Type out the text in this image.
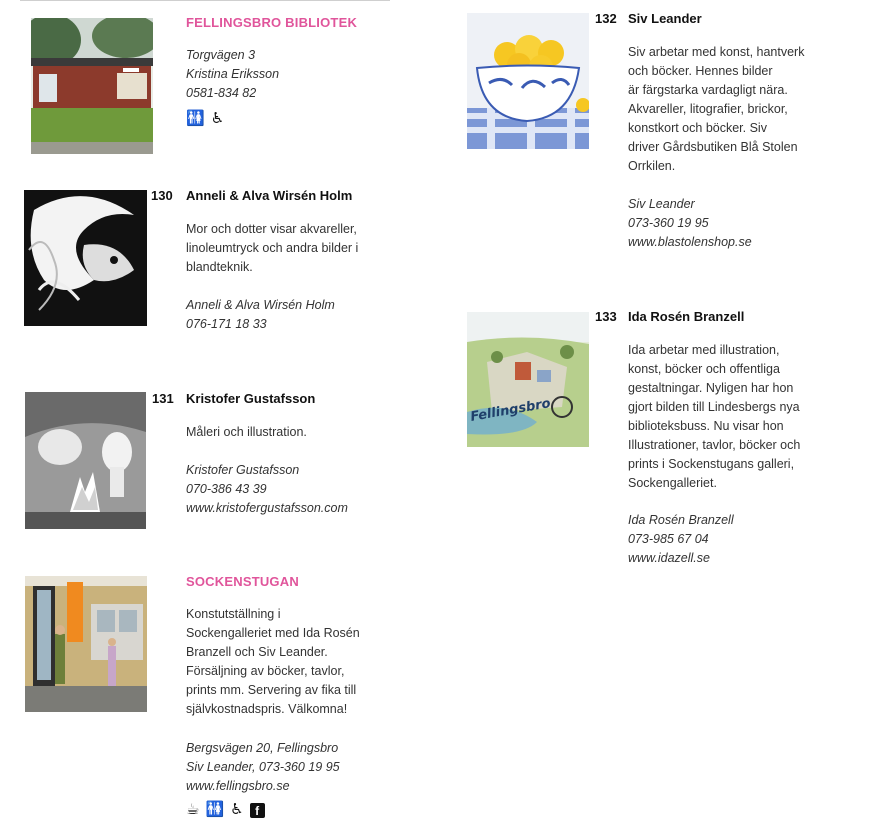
FELLINGSBRO BIBLIOTEK
Torgvägen 3
Kristina Eriksson
0581-834 82
🚻 ♿
130 Anneli & Alva Wirsén Holm
Mor och dotter visar akvareller,
linoleumtryck och andra bilder i
blandteknik.
Anneli & Alva Wirsén Holm
076-171 18 33
131 Kristofer Gustafsson
Måleri och illustration.
Kristofer Gustafsson
070-386 43 39
www.kristofergustafsson.com
SOCKENSTUGAN
Konstutställning i
Sockengalleriet med Ida Rosén
Branzell och Siv Leander.
Försäljning av böcker, tavlor,
prints mm. Servering av fika till
självkostnadspris. Välkomna!
Bergsvägen 20, Fellingsbro
Siv Leander, 073-360 19 95
www.fellingsbro.se
☕ 🚻 ♿ f
132 Siv Leander
Siv arbetar med konst, hantverk
och böcker. Hennes bilder
är färgstarka vardagligt nära.
Akvareller, litografier, brickor,
konstkort och böcker. Siv
driver Gårdsbutiken Blå Stolen
Orrkilen.
Siv Leander
073-360 19 95
www.blastolenshop.se
Fellingsbro
133 Ida Rosén Branzell
Ida arbetar med illustration,
konst, böcker och offentliga
gestaltningar. Nyligen har hon
gjort bilden till Lindesbergs nya
biblioteksbuss. Nu visar hon
Illustrationer, tavlor, böcker och
prints i Sockenstugans galleri,
Sockengalleriet.
Ida Rosén Branzell
073-985 67 04
www.idazell.se
